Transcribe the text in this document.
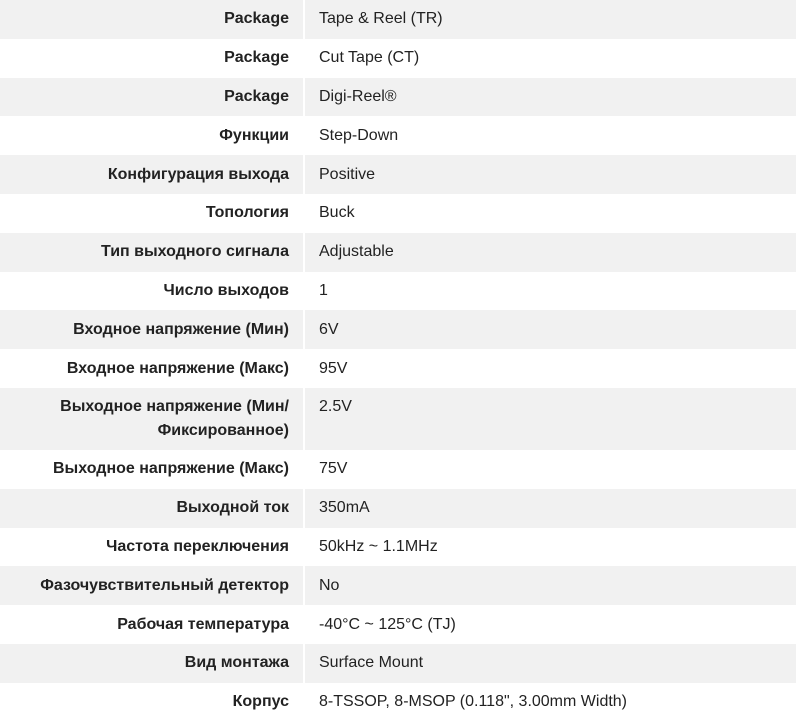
Package	Tape & Reel (TR)
Package	Cut Tape (CT)
Package	Digi-Reel®
Функции	Step-Down
Конфигурация выхода	Positive
Топология	Buck
Тип выходного сигнала	Adjustable
Число выходов	1
Входное напряжение (Мин)	6V
Входное напряжение (Макс)	95V
Выходное напряжение (Мин/ Фиксированное)	2.5V
Выходное напряжение (Макс)	75V
Выходной ток	350mA
Частота переключения	50kHz ~ 1.1MHz
Фазочувствительный детектор	No
Рабочая температура	-40°C ~ 125°C (TJ)
Вид монтажа	Surface Mount
Корпус	8-TSSOP, 8-MSOP (0.118", 3.00mm Width)
